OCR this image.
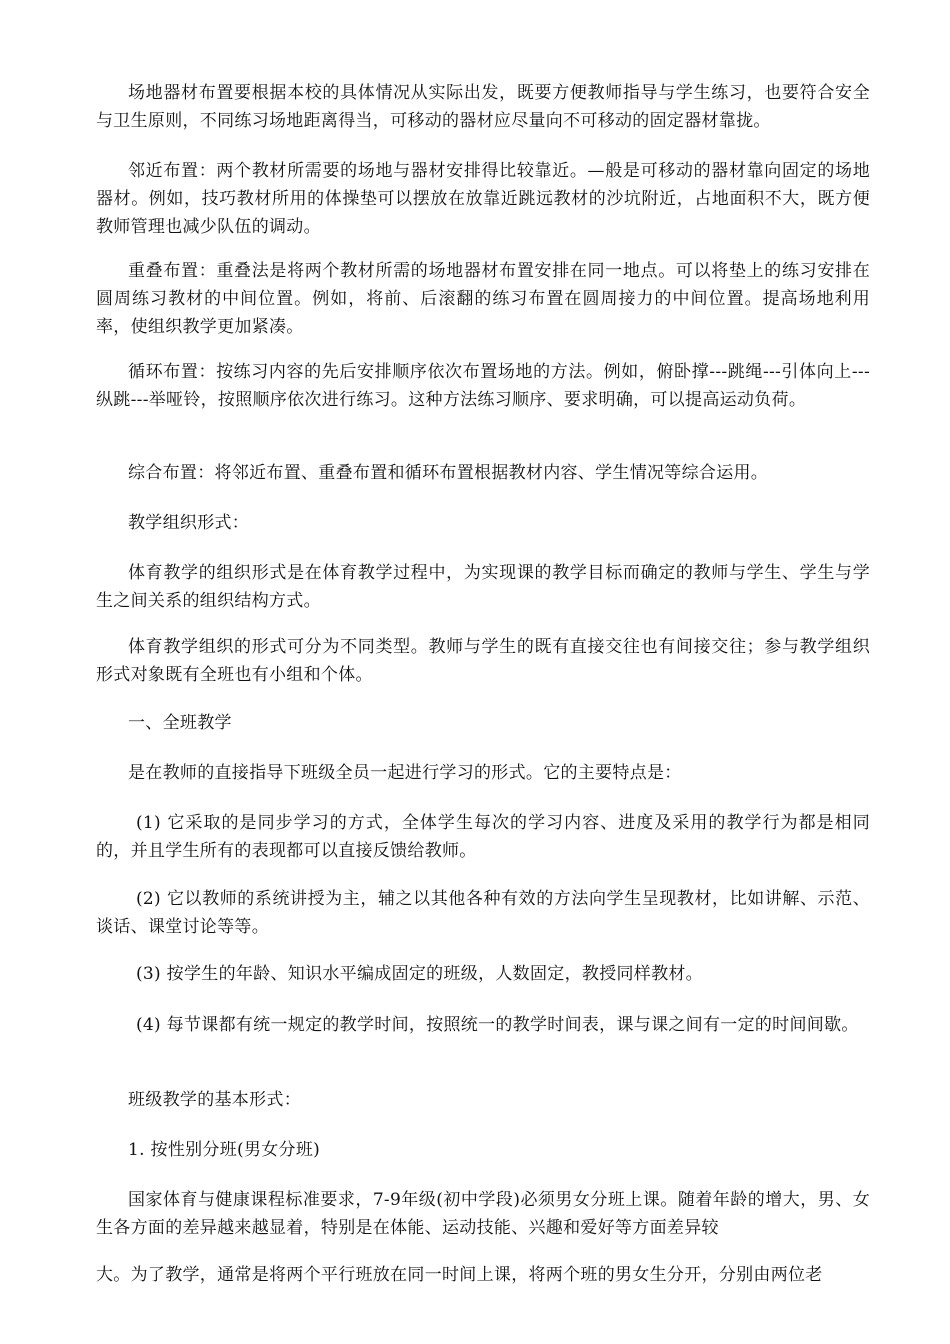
场地器材布置要根据本校的具体情况从实际出发，既要方便教师指导与学生练习，也要符合安全与卫生原则，不同练习场地距离得当，可移动的器材应尽量向不可移动的固定器材靠拢。

邻近布置：两个教材所需要的场地与器材安排得比较靠近。—般是可移动的器材靠向固定的场地器材。例如，技巧教材所用的体操垫可以摆放在放靠近跳远教材的沙坑附近，占地面积不大，既方便教师管理也减少队伍的调动。

重叠布置：重叠法是将两个教材所需的场地器材布置安排在同一地点。可以将垫上的练习安排在圆周练习教材的中间位置。例如，将前、后滚翻的练习布置在圆周接力的中间位置。提高场地利用率，使组织教学更加紧凑。

循环布置：按练习内容的先后安排顺序依次布置场地的方法。例如，俯卧撑---跳绳---引体向上---纵跳---举哑铃，按照顺序依次进行练习。这种方法练习顺序、要求明确，可以提高运动负荷。

综合布置：将邻近布置、重叠布置和循环布置根据教材内容、学生情况等综合运用。

教学组织形式：

体育教学的组织形式是在体育教学过程中，为实现课的教学目标而确定的教师与学生、学生与学生之间关系的组织结构方式。

体育教学组织的形式可分为不同类型。教师与学生的既有直接交往也有间接交往；参与教学组织形式对象既有全班也有小组和个体。

一、全班教学

是在教师的直接指导下班级全员一起进行学习的形式。它的主要特点是：

(1) 它采取的是同步学习的方式，全体学生每次的学习内容、进度及采用的教学行为都是相同的，并且学生所有的表现都可以直接反馈给教师。

(2) 它以教师的系统讲授为主，辅之以其他各种有效的方法向学生呈现教材，比如讲解、示范、谈话、课堂讨论等等。

(3) 按学生的年龄、知识水平编成固定的班级，人数固定，教授同样教材。

(4) 每节课都有统一规定的教学时间，按照统一的教学时间表，课与课之间有一定的时间间歇。

班级教学的基本形式：

1. 按性别分班(男女分班)

国家体育与健康课程标准要求，7-9年级(初中学段)必须男女分班上课。随着年龄的增大，男、女生各方面的差异越来越显着，特别是在体能、运动技能、兴趣和爱好等方面差异较

大。为了教学，通常是将两个平行班放在同一时间上课，将两个班的男女生分开，分别由两位老
